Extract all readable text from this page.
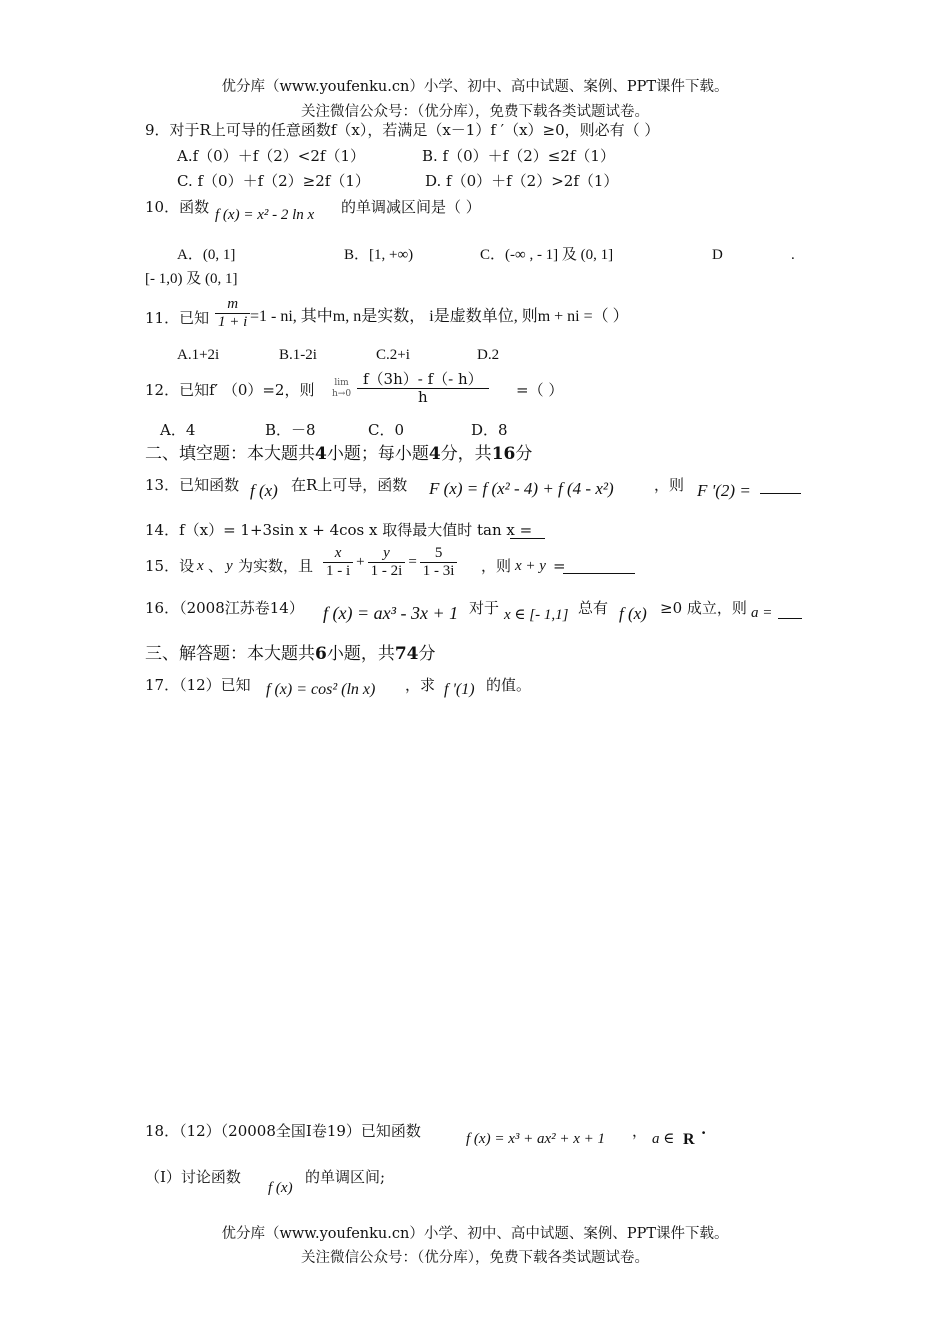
优分库（www.youfenku.cn）小学、初中、高中试题、案例、PPT课件下载。
关注微信公众号：（优分库），免费下载各类试题试卷。
9．对于R上可导的任意函数f（x），若满足（x－1）f ′（x）≥0，则必有（ ）
A.f（0）＋f（2）<2f（1）	B. f（0）＋f（2）≤2f（1）
C. f（0）＋f（2）≥2f（1）	D. f（0）＋f（2）>2f（1）
10．函数 f (x) = x² - 2 ln x 的单调减区间是（ ）
A．(0, 1]	B．[1, +∞)	C．(-∞ , - 1] 及 (0, 1]	D	.
[- 1,0) 及 (0, 1]
11．已知 $\frac{m}{1 + i} =1$ - ni, 其中m, n是实数， i是虚数单位, 则m + ni =（ ）
A.1+2i	B.1-2i	C.2+i	D.2
12．已知f′ （0）=2，则 lim
$h\to 0 \frac{f(3h)- f(- h)}{h}$ =（ ）
A．4	B．－8	C．0	D．8
二、填空题：本大题共4小题；每小题4分，共16分
13．已知函数 f (x) 在R上可导，函数 F (x) = f (x² - 4) + f (4 - x²)	，则 F '(2) =
14．f（x）= 1+3sin x + 4cos x 取得最大值时 tan x =
15．设 x 、 y 为实数，且 $\frac{x}{1 - i} + \frac{y}{1 - 2i} = \frac{5}{1 - 3i}$ ，则 x + y =
16．（2008江苏卷14） f (x) = ax³ - 3x + 1 对于 x ∈ [- 1,1] 总有 f (x) ≥0 成立，则 a =
三、解答题：本大题共6小题，共74分
17．（12）已知 f (x) = cos² (ln x) ，求 f '(1) 的值。
18．（12）（20008全国Ⅰ卷19）已知函数	f (x) = x³ + ax² + x + 1 ， a ∈ R
.
（Ⅰ）讨论函数
f (x)
的单调区间;
优分库（www.youfenku.cn）小学、初中、高中试题、案例、PPT课件下载。
关注微信公众号：（优分库），免费下载各类试题试卷。
